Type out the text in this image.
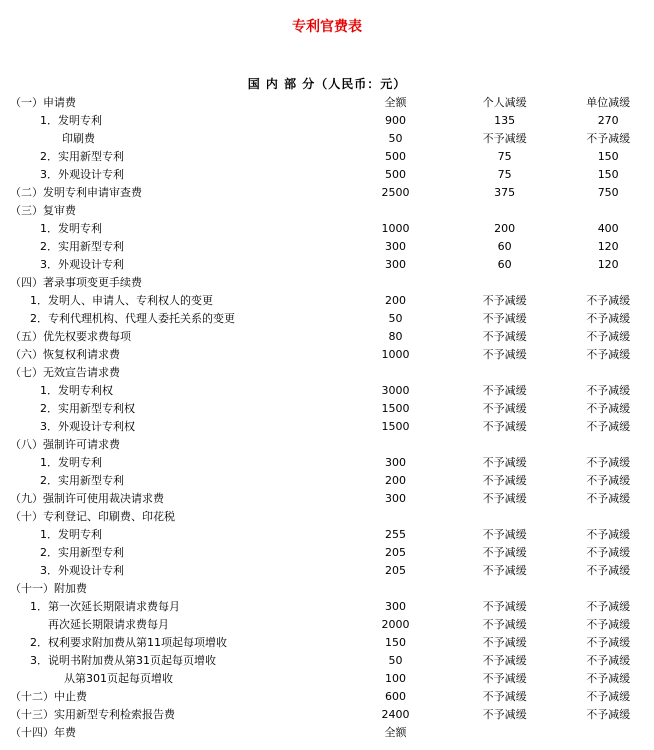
专利官费表
国 内 部 分（人民币：元）
（一）申请费	全额	个人减缓	单位减缓
1．发明专利	900	135	270
印刷费	50	不予减缓	不予减缓
2．实用新型专利	500	75	150
3．外观设计专利	500	75	150
（二）发明专利申请审查费	2500	375	750
（三）复审费			
1．发明专利	1000	200	400
2．实用新型专利	300	60	120
3．外观设计专利	300	60	120
（四）著录事项变更手续费			
1．发明人、申请人、专利权人的变更	200	不予减缓	不予减缓
2．专利代理机构、代理人委托关系的变更	50	不予减缓	不予减缓
（五）优先权要求费每项	80	不予减缓	不予减缓
（六）恢复权利请求费	1000	不予减缓	不予减缓
（七）无效宣告请求费			
1．发明专利权	3000	不予减缓	不予减缓
2．实用新型专利权	1500	不予减缓	不予减缓
3．外观设计专利权	1500	不予减缓	不予减缓
（八）强制许可请求费			
1．发明专利	300	不予减缓	不予减缓
2．实用新型专利	200	不予减缓	不予减缓
（九）强制许可使用裁决请求费	300	不予减缓	不予减缓
（十）专利登记、印刷费、印花税			
1．发明专利	255	不予减缓	不予减缓
2．实用新型专利	205	不予减缓	不予减缓
3．外观设计专利	205	不予减缓	不予减缓
（十一）附加费			
1．第一次延长期限请求费每月	300	不予减缓	不予减缓
再次延长期限请求费每月	2000	不予减缓	不予减缓
2．权利要求附加费从第11项起每项增收	150	不予减缓	不予减缓
3．说明书附加费从第31页起每页增收	50	不予减缓	不予减缓
从第301页起每页增收	100	不予减缓	不予减缓
（十二）中止费	600	不予减缓	不予减缓
（十三）实用新型专利检索报告费	2400	不予减缓	不予减缓
（十四）年费	全额		
